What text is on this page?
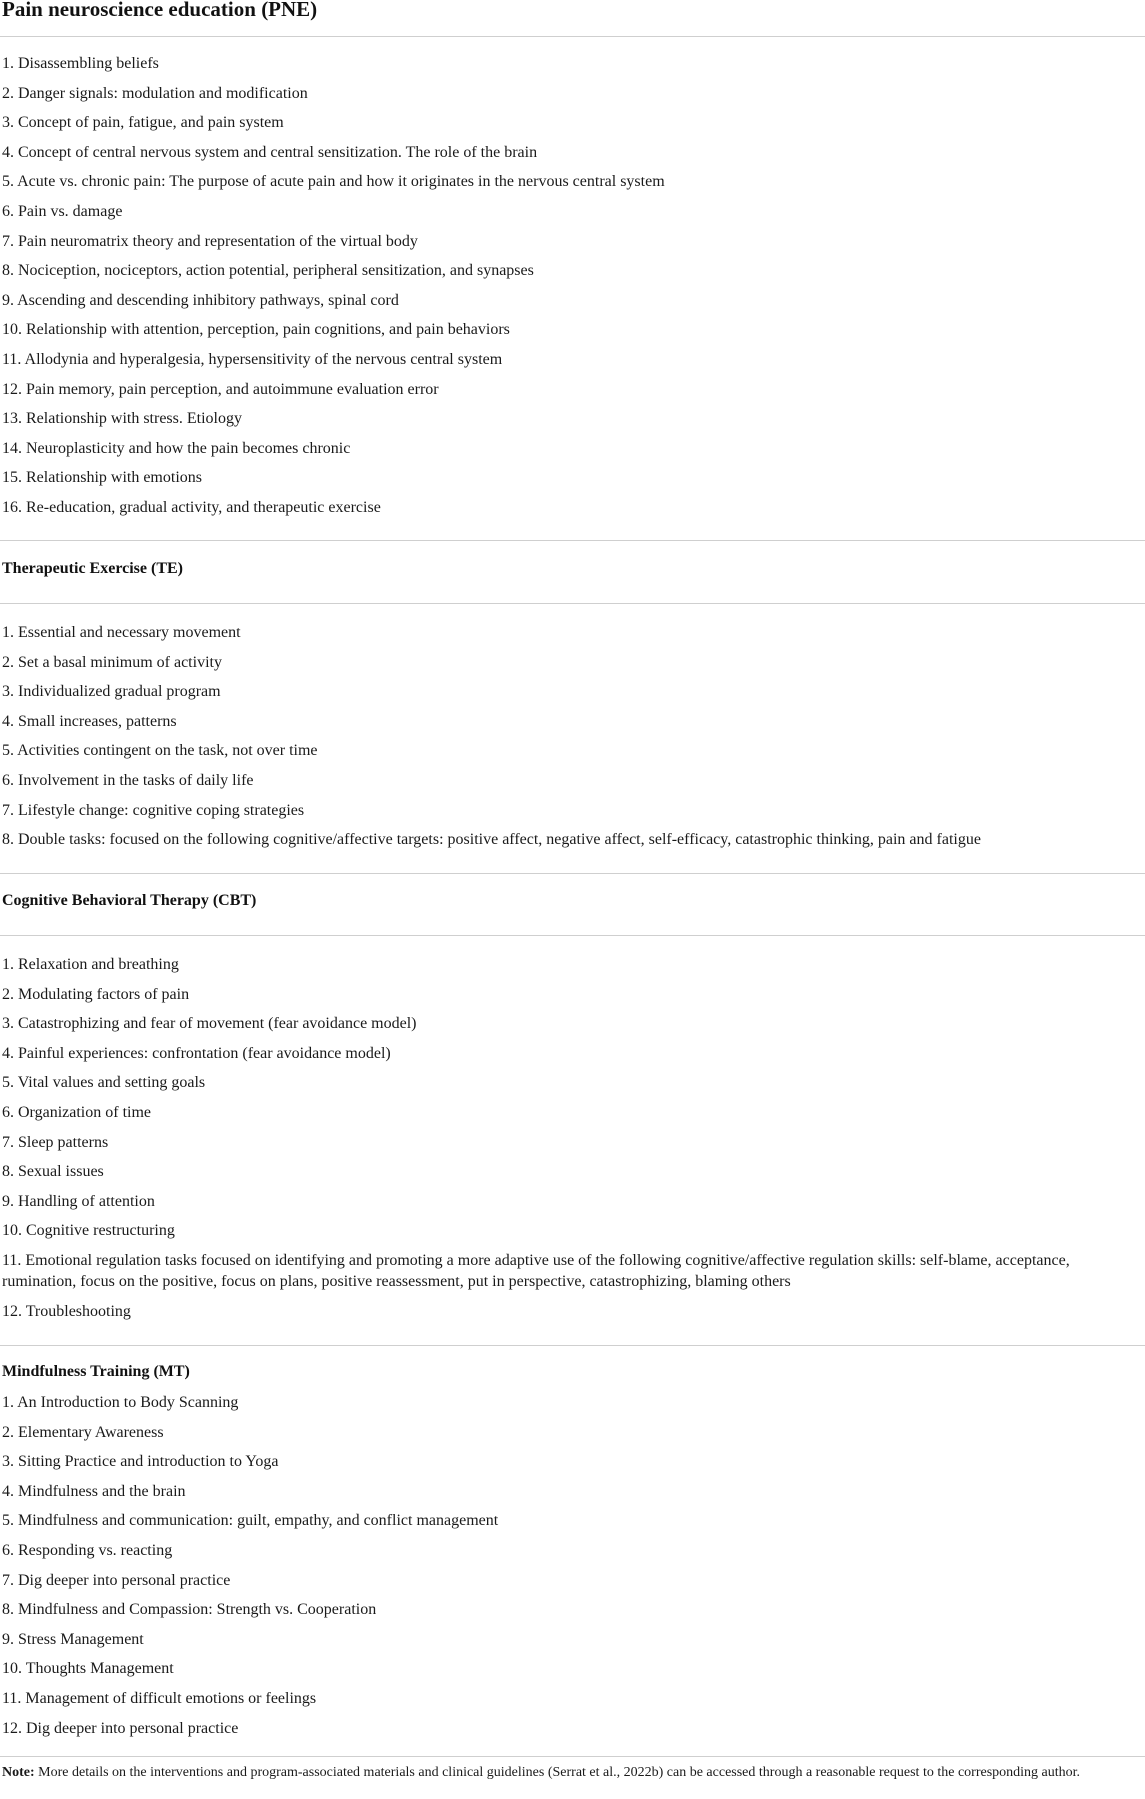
Pain neuroscience education (PNE)
1. Disassembling beliefs
2. Danger signals: modulation and modification
3. Concept of pain, fatigue, and pain system
4. Concept of central nervous system and central sensitization. The role of the brain
5. Acute vs. chronic pain: The purpose of acute pain and how it originates in the nervous central system
6. Pain vs. damage
7. Pain neuromatrix theory and representation of the virtual body
8. Nociception, nociceptors, action potential, peripheral sensitization, and synapses
9. Ascending and descending inhibitory pathways, spinal cord
10. Relationship with attention, perception, pain cognitions, and pain behaviors
11. Allodynia and hyperalgesia, hypersensitivity of the nervous central system
12. Pain memory, pain perception, and autoimmune evaluation error
13. Relationship with stress. Etiology
14. Neuroplasticity and how the pain becomes chronic
15. Relationship with emotions
16. Re-education, gradual activity, and therapeutic exercise
Therapeutic Exercise (TE)
1. Essential and necessary movement
2. Set a basal minimum of activity
3. Individualized gradual program
4. Small increases, patterns
5. Activities contingent on the task, not over time
6. Involvement in the tasks of daily life
7. Lifestyle change: cognitive coping strategies
8. Double tasks: focused on the following cognitive/affective targets: positive affect, negative affect, self-efficacy, catastrophic thinking, pain and fatigue
Cognitive Behavioral Therapy (CBT)
1. Relaxation and breathing
2. Modulating factors of pain
3. Catastrophizing and fear of movement (fear avoidance model)
4. Painful experiences: confrontation (fear avoidance model)
5. Vital values and setting goals
6. Organization of time
7. Sleep patterns
8. Sexual issues
9. Handling of attention
10. Cognitive restructuring
11. Emotional regulation tasks focused on identifying and promoting a more adaptive use of the following cognitive/affective regulation skills: self-blame, acceptance, rumination, focus on the positive, focus on plans, positive reassessment, put in perspective, catastrophizing, blaming others
12. Troubleshooting
Mindfulness Training (MT)
1. An Introduction to Body Scanning
2. Elementary Awareness
3. Sitting Practice and introduction to Yoga
4. Mindfulness and the brain
5. Mindfulness and communication: guilt, empathy, and conflict management
6. Responding vs. reacting
7. Dig deeper into personal practice
8. Mindfulness and Compassion: Strength vs. Cooperation
9. Stress Management
10. Thoughts Management
11. Management of difficult emotions or feelings
12. Dig deeper into personal practice
Note: More details on the interventions and program-associated materials and clinical guidelines (Serrat et al., 2022b) can be accessed through a reasonable request to the corresponding author.
